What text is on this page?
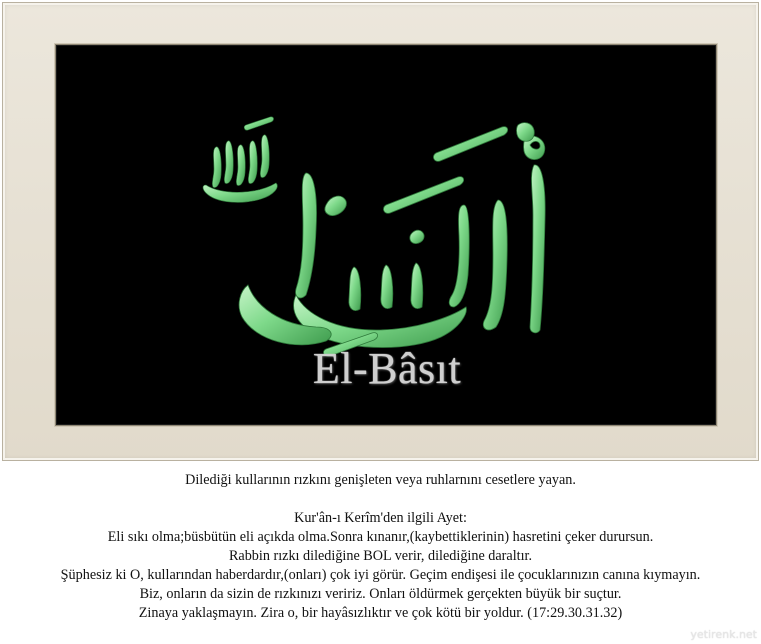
El-Bâsıt
Dilediği kullarının rızkını genişleten veya ruhlarnını cesetlere yayan.
Kur'ân-ı Kerîm'den ilgili Ayet:
Eli sıkı olma;büsbütün eli açıkda olma.Sonra kınanır,(kaybettiklerinin) hasretini çeker durursun.
Rabbin rızkı dilediğine BOL verir, dilediğine daraltır.
Şüphesiz ki O, kullarından haberdardır,(onları) çok iyi görür. Geçim endişesi ile çocuklarınızın canına kıymayın.
Biz, onların da sizin de rızkınızı veririz. Onları öldürmek gerçekten büyük bir suçtur.
Zinaya yaklaşmayın. Zira o, bir hayâsızlıktır ve çok kötü bir yoldur. (17:29.30.31.32)
yetirenk.net
